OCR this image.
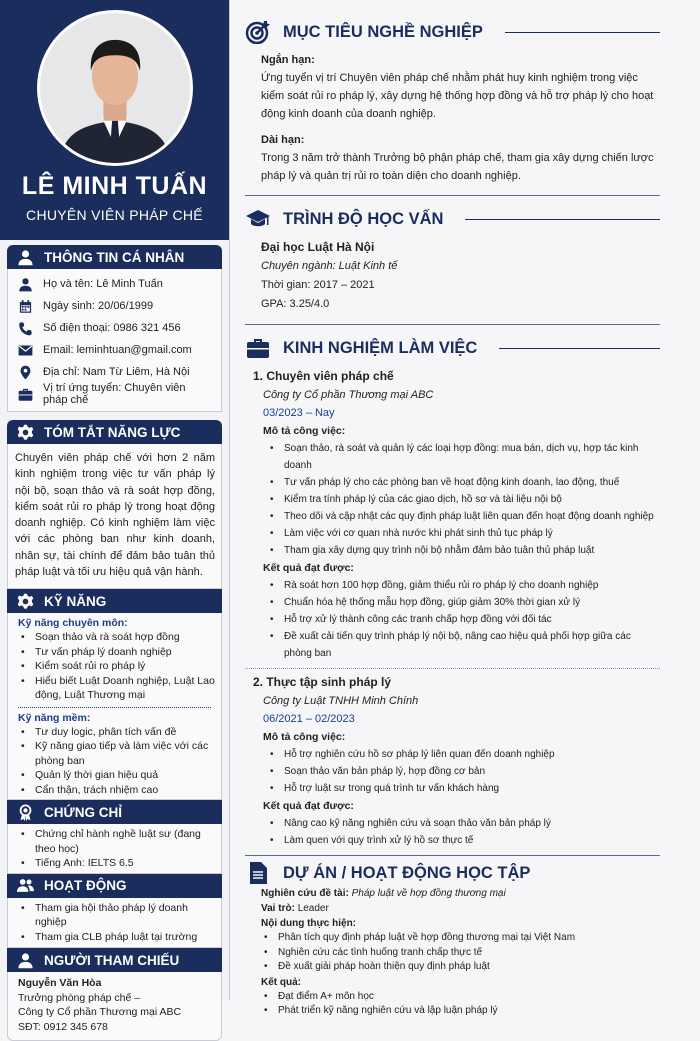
LÊ MINH TUẤN
CHUYÊN VIÊN PHÁP CHẾ
THÔNG TIN CÁ NHÂN
Họ và tên: Lê Minh Tuấn
Ngày sinh: 20/06/1999
Số điện thoại: 0986 321 456
Email: leminhtuan@gmail.com
Địa chỉ: Nam Từ Liêm, Hà Nội
Vị trí ứng tuyển: Chuyên viên pháp chế
TÓM TẮT NĂNG LỰC
Chuyên viên pháp chế với hơn 2 năm kinh nghiệm trong việc tư vấn pháp lý nội bộ, soạn thảo và rà soát hợp đồng, kiểm soát rủi ro pháp lý trong hoạt động doanh nghiệp. Có kinh nghiệm làm việc với các phòng ban như kinh doanh, nhân sự, tài chính để đảm bảo tuân thủ pháp luật và tối ưu hiệu quả vận hành.
KỸ NĂNG
Kỹ năng chuyên môn:
• Soạn thảo và rà soát hợp đồng
• Tư vấn pháp lý doanh nghiệp
• Kiểm soát rủi ro pháp lý
• Hiểu biết Luật Doanh nghiệp, Luật Lao động, Luật Thương mại
Kỹ năng mềm:
• Tư duy logic, phân tích vấn đề
• Kỹ năng giao tiếp và làm việc với các phòng ban
• Quản lý thời gian hiệu quả
• Cẩn thận, trách nhiệm cao
CHỨNG CHỈ
• Chứng chỉ hành nghề luật sư (đang theo học)
• Tiếng Anh: IELTS 6.5
HOẠT ĐỘNG
• Tham gia hội thảo pháp lý doanh nghiệp
• Tham gia CLB pháp luật tại trường
NGƯỜI THAM CHIẾU
Nguyễn Văn Hòa
Trưởng phòng pháp chế –
Công ty Cổ phần Thương mại ABC
SĐT: 0912 345 678
MỤC TIÊU NGHỀ NGHIỆP
Ngắn hạn:
Ứng tuyển vị trí Chuyên viên pháp chế nhằm phát huy kinh nghiệm trong việc kiểm soát rủi ro pháp lý, xây dựng hệ thống hợp đồng và hỗ trợ pháp lý cho hoạt động kinh doanh của doanh nghiệp.
Dài hạn:
Trong 3 năm trở thành Trưởng bộ phận pháp chế, tham gia xây dựng chiến lược pháp lý và quản trị rủi ro toàn diện cho doanh nghiệp.
TRÌNH ĐỘ HỌC VẤN
Đại học Luật Hà Nội
Chuyên ngành: Luật Kinh tế
Thời gian: 2017 – 2021
GPA: 3.25/4.0
KINH NGHIỆM LÀM VIỆC
1. Chuyên viên pháp chế
Công ty Cổ phần Thương mại ABC
03/2023 – Nay
Mô tả công việc:
• Soạn thảo, rà soát và quản lý các loại hợp đồng: mua bán, dịch vụ, hợp tác kinh doanh
• Tư vấn pháp lý cho các phòng ban về hoạt động kinh doanh, lao động, thuế
• Kiểm tra tính pháp lý của các giao dịch, hồ sơ và tài liệu nội bộ
• Theo dõi và cập nhật các quy định pháp luật liên quan đến hoạt động doanh nghiệp
• Làm việc với cơ quan nhà nước khi phát sinh thủ tục pháp lý
• Tham gia xây dựng quy trình nội bộ nhằm đảm bảo tuân thủ pháp luật
Kết quả đạt được:
• Rà soát hơn 100 hợp đồng, giảm thiểu rủi ro pháp lý cho doanh nghiệp
• Chuẩn hóa hệ thống mẫu hợp đồng, giúp giảm 30% thời gian xử lý
• Hỗ trợ xử lý thành công các tranh chấp hợp đồng với đối tác
• Đề xuất cải tiến quy trình pháp lý nội bộ, nâng cao hiệu quả phối hợp giữa các phòng ban
2. Thực tập sinh pháp lý
Công ty Luật TNHH Minh Chính
06/2021 – 02/2023
Mô tả công việc:
• Hỗ trợ nghiên cứu hồ sơ pháp lý liên quan đến doanh nghiệp
• Soạn thảo văn bản pháp lý, hợp đồng cơ bản
• Hỗ trợ luật sư trong quá trình tư vấn khách hàng
Kết quả đạt được:
• Nâng cao kỹ năng nghiên cứu và soạn thảo văn bản pháp lý
• Làm quen với quy trình xử lý hồ sơ thực tế
DỰ ÁN / HOẠT ĐỘNG HỌC TẬP
Nghiên cứu đề tài: Pháp luật về hợp đồng thương mại
Vai trò: Leader
Nội dung thực hiện:
• Phân tích quy định pháp luật về hợp đồng thương mại tại Việt Nam
• Nghiên cứu các tình huống tranh chấp thực tế
• Đề xuất giải pháp hoàn thiện quy định pháp luật
Kết quả:
• Đạt điểm A+ môn học
• Phát triển kỹ năng nghiên cứu và lập luận pháp lý
